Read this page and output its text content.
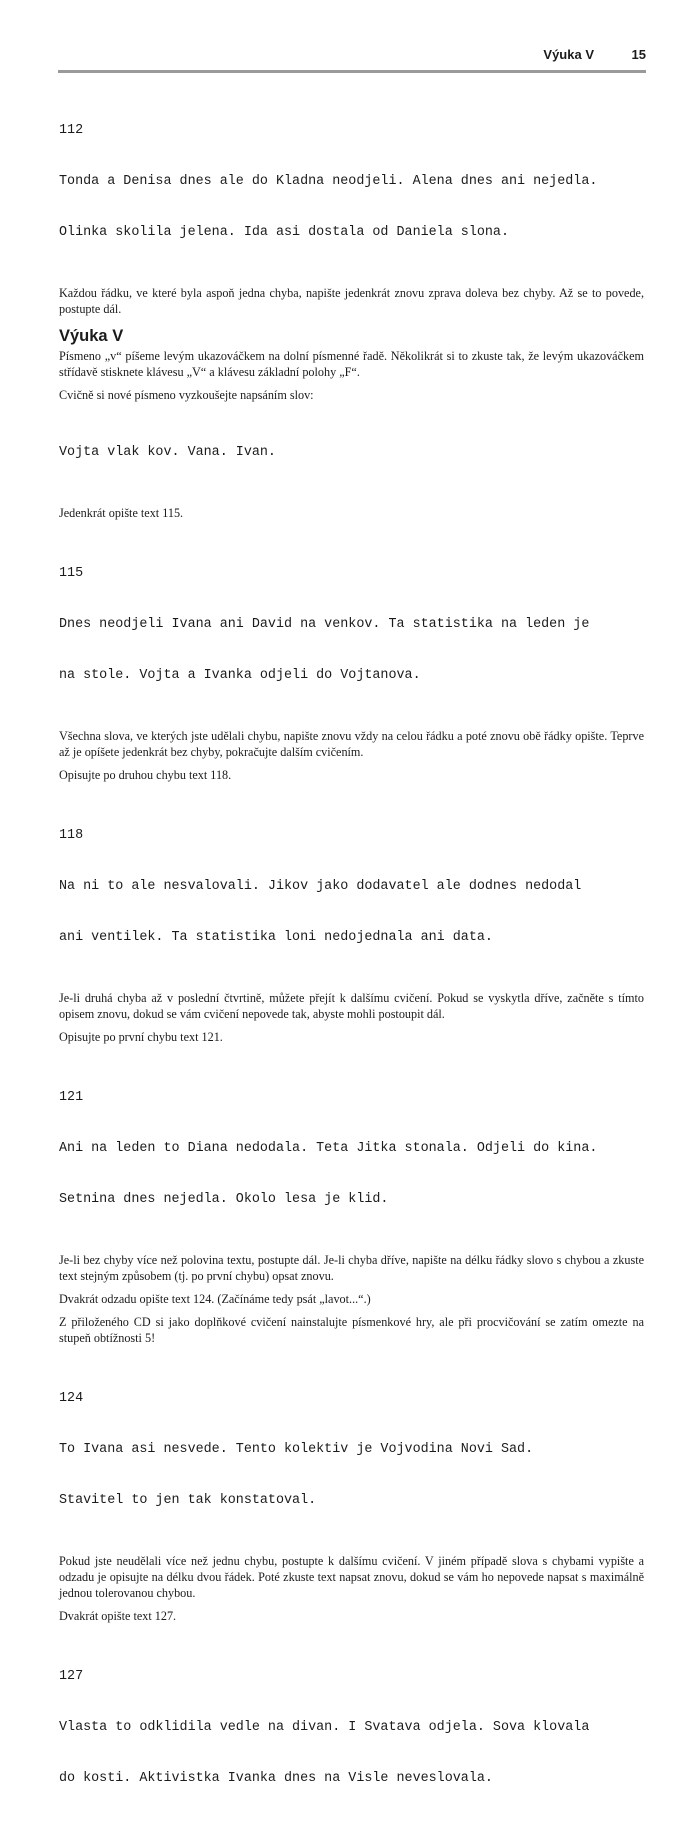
Výuka V	15

112

Tonda a Denisa dnes ale do Kladna neodjeli. Alena dnes ani nejedla.

Olinka skolila jelena. Ida asi dostala od Daniela slona.

Každou řádku, ve které byla aspoň jedna chyba, napište jedenkrát znovu zprava doleva bez chyby. Až se to povede, postupte dál.

Výuka V

Písmeno „v“ píšeme levým ukazováčkem na dolní písmenné řadě. Několikrát si to zkuste tak, že levým ukazováčkem střídavě stisknete klávesu „V“ a klávesu základní polohy „F“.

Cvičně si nové písmeno vyzkoušejte napsáním slov:

Vojta vlak kov. Vana. Ivan.

Jedenkrát opište text 115.

115

Dnes neodjeli Ivana ani David na venkov. Ta statistika na leden je

na stole. Vojta a Ivanka odjeli do Vojtanova.

Všechna slova, ve kterých jste udělali chybu, napište znovu vždy na celou řádku a poté znovu obě řádky opište. Teprve až je opíšete jedenkrát bez chyby, pokračujte dalším cvičením.

Opisujte po druhou chybu text 118.

118

Na ni to ale nesvalovali. Jikov jako dodavatel ale dodnes nedodal

ani ventilek. Ta statistika loni nedojednala ani data.

Je-li druhá chyba až v poslední čtvrtině, můžete přejít k dalšímu cvičení. Pokud se vyskytla dříve, začněte s tímto opisem znovu, dokud se vám cvičení nepovede tak, abyste mohli postoupit dál.

Opisujte po první chybu text 121.

121

Ani na leden to Diana nedodala. Teta Jitka stonala. Odjeli do kina.

Setnina dnes nejedla. Okolo lesa je klid.

Je-li bez chyby více než polovina textu, postupte dál. Je-li chyba dříve, napište na délku řádky slovo s chybou a zkuste text stejným způsobem (tj. po první chybu) opsat znovu.

Dvakrát odzadu opište text 124. (Začínáme tedy psát „lavot...“.)

Z přiloženého CD si jako doplňkové cvičení nainstalujte písmenkové hry, ale při procvičování se zatím omezte na stupeň obtížnosti 5!

124

To Ivana asi nesvede. Tento kolektiv je Vojvodina Novi Sad.

Stavitel to jen tak konstatoval.

Pokud jste neudělali více než jednu chybu, postupte k dalšímu cvičení. V jiném případě slova s chybami vypište a odzadu je opisujte na délku dvou řádek. Poté zkuste text napsat znovu, dokud se vám ho nepovede napsat s maximálně jednou tolerovanou chybou.

Dvakrát opište text 127.

127

Vlasta to odklidila vedle na divan. I Svatava odjela. Sova klovala

do kosti. Aktivistka Ivanka dnes na Visle neveslovala.
